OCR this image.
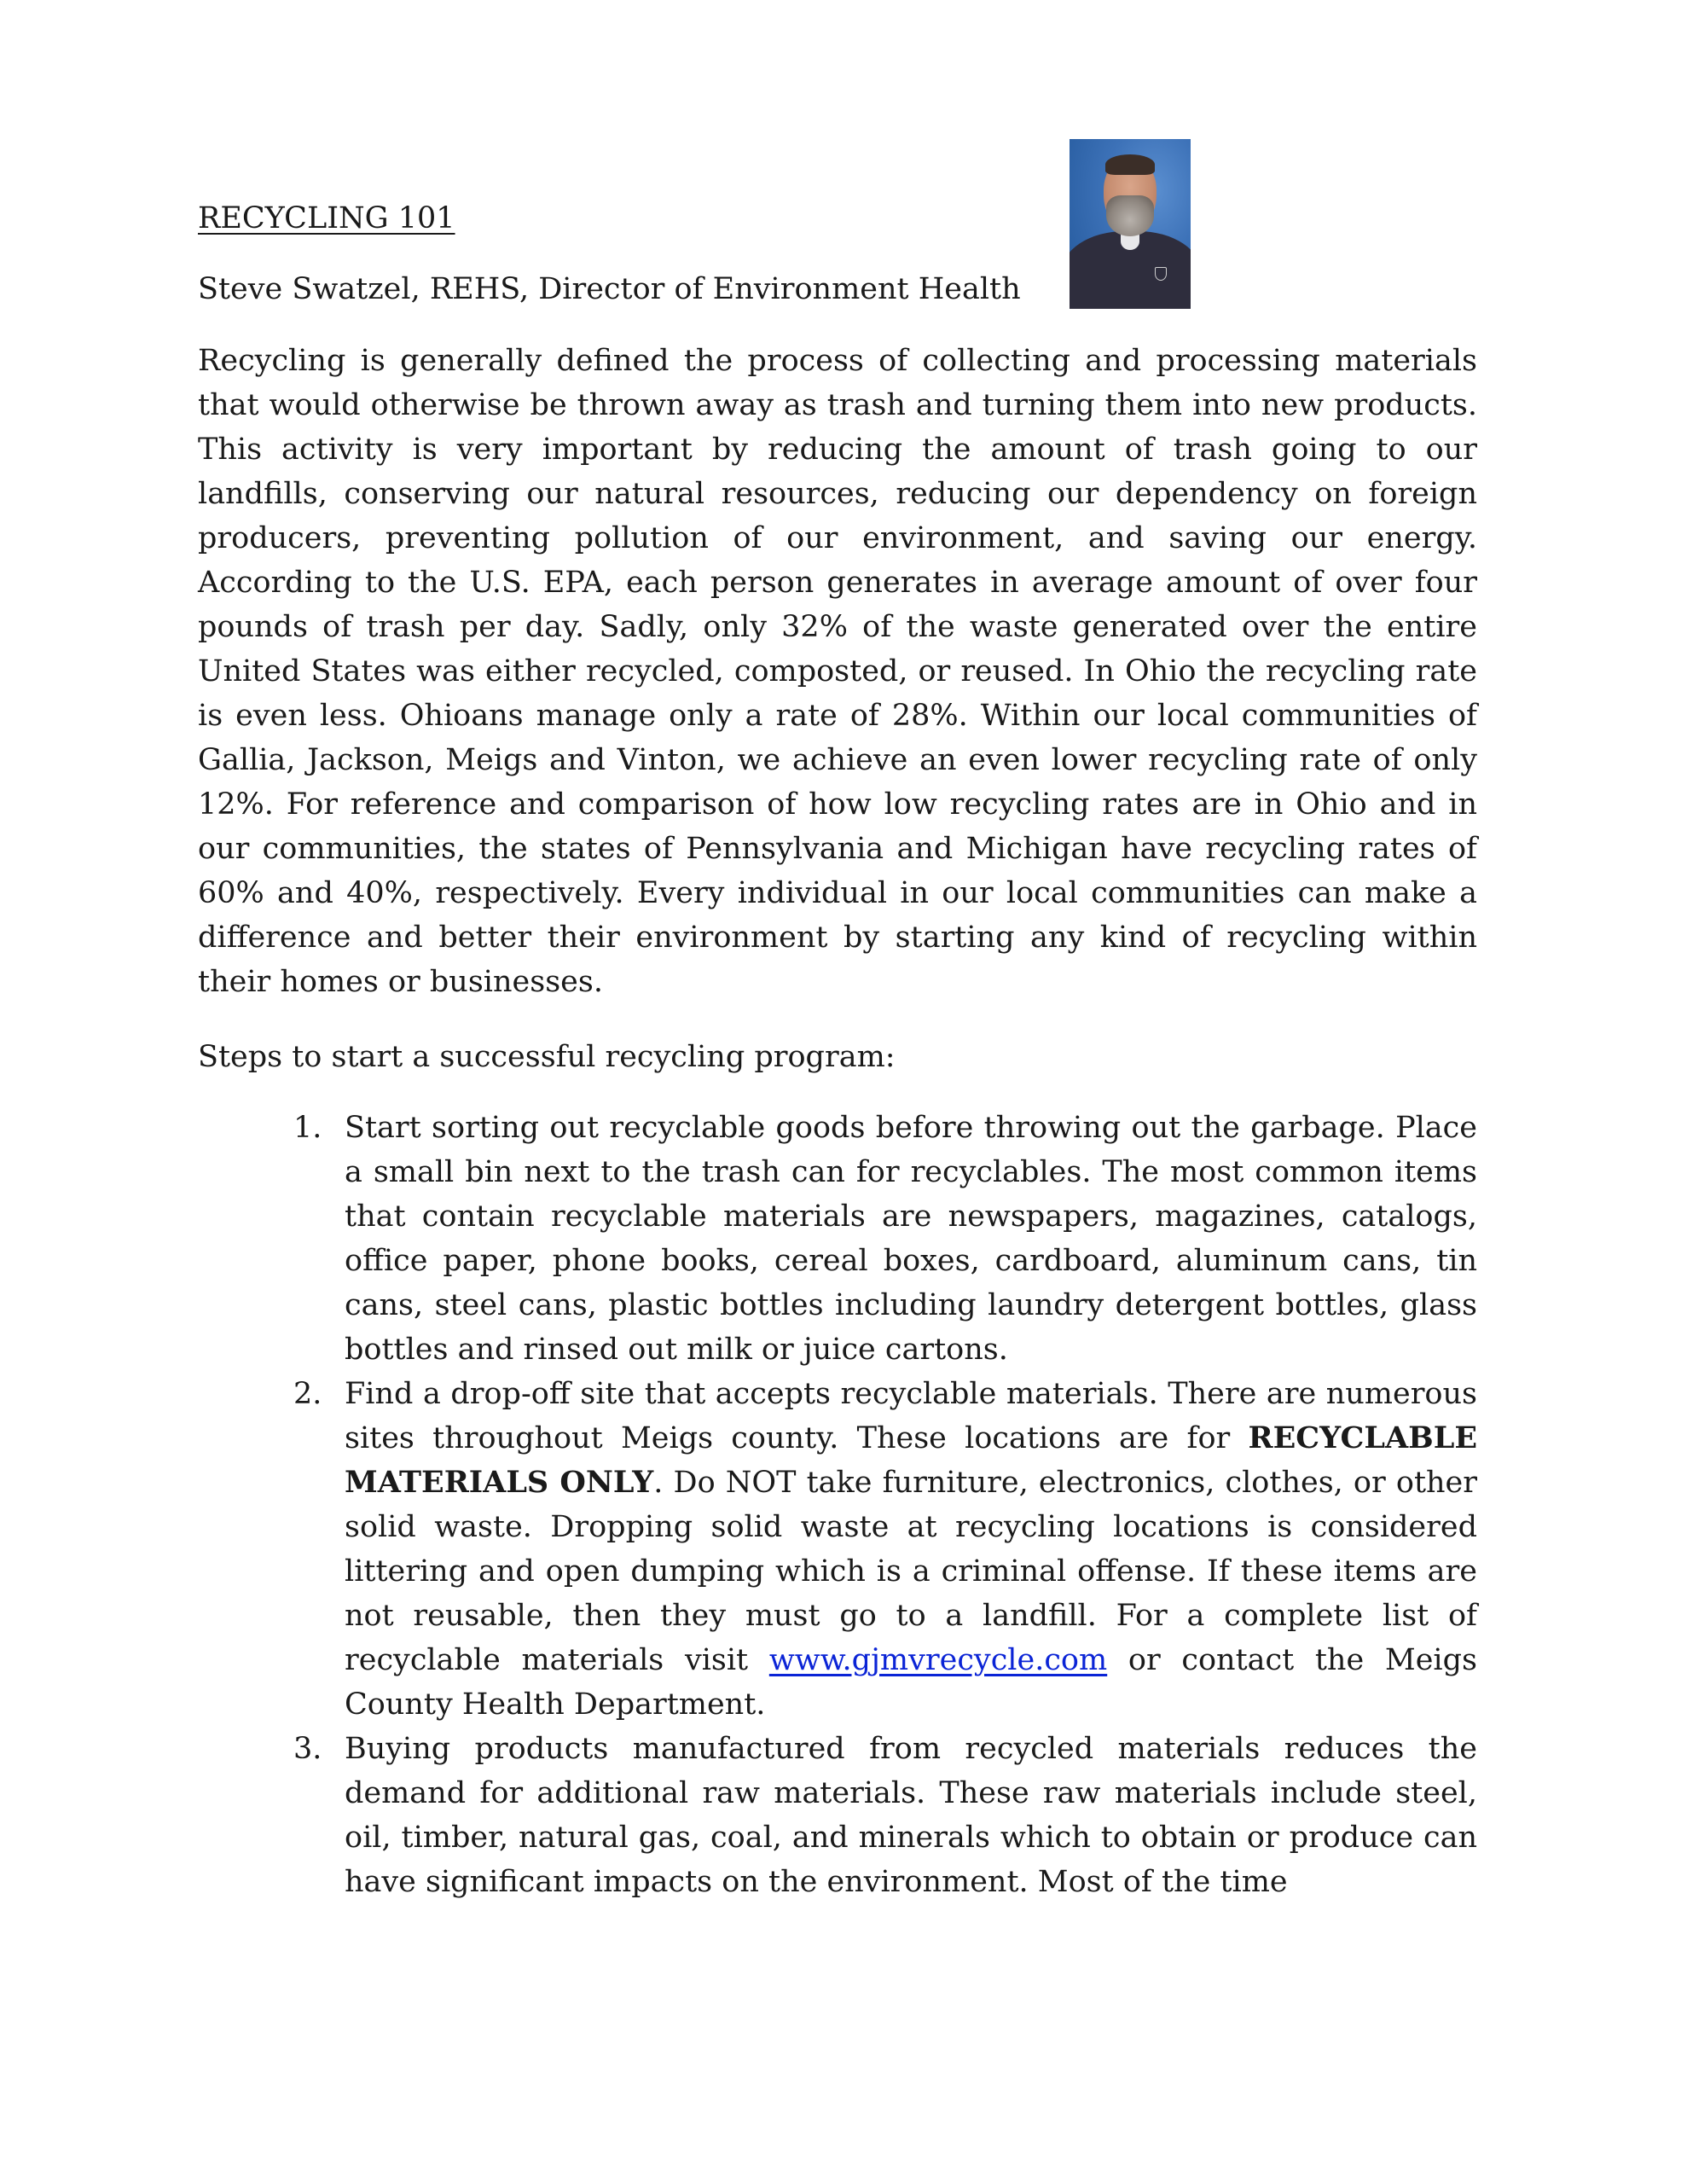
RECYCLING 101
Steve Swatzel, REHS, Director of Environment Health

Recycling is generally defined the process of collecting and processing materials that would otherwise be thrown away as trash and turning them into new products. This activity is very important by reducing the amount of trash going to our landfills, conserving our natural resources, reducing our dependency on foreign producers, preventing pollution of our environment, and saving our energy. According to the U.S. EPA, each person generates in average amount of over four pounds of trash per day. Sadly, only 32% of the waste generated over the entire United States was either recycled, composted, or reused. In Ohio the recycling rate is even less. Ohioans manage only a rate of 28%. Within our local communities of Gallia, Jackson, Meigs and Vinton, we achieve an even lower recycling rate of only 12%. For reference and comparison of how low recycling rates are in Ohio and in our communities, the states of Pennsylvania and Michigan have recycling rates of 60% and 40%, respectively. Every individual in our local communities can make a difference and better their environment by starting any kind of recycling within their homes or businesses.

Steps to start a successful recycling program:
1. Start sorting out recyclable goods before throwing out the garbage. Place a small bin next to the trash can for recyclables. The most common items that contain recyclable materials are newspapers, magazines, catalogs, office paper, phone books, cereal boxes, cardboard, aluminum cans, tin cans, steel cans, plastic bottles including laundry detergent bottles, glass bottles and rinsed out milk or juice cartons.
2. Find a drop-off site that accepts recyclable materials. There are numerous sites throughout Meigs county. These locations are for RECYCLABLE MATERIALS ONLY. Do NOT take furniture, electronics, clothes, or other solid waste. Dropping solid waste at recycling locations is considered littering and open dumping which is a criminal offense. If these items are not reusable, then they must go to a landfill. For a complete list of recyclable materials visit www.gjmvrecycle.com or contact the Meigs County Health Department.
3. Buying products manufactured from recycled materials reduces the demand for additional raw materials. These raw materials include steel, oil, timber, natural gas, coal, and minerals which to obtain or produce can have significant impacts on the environment. Most of the time
